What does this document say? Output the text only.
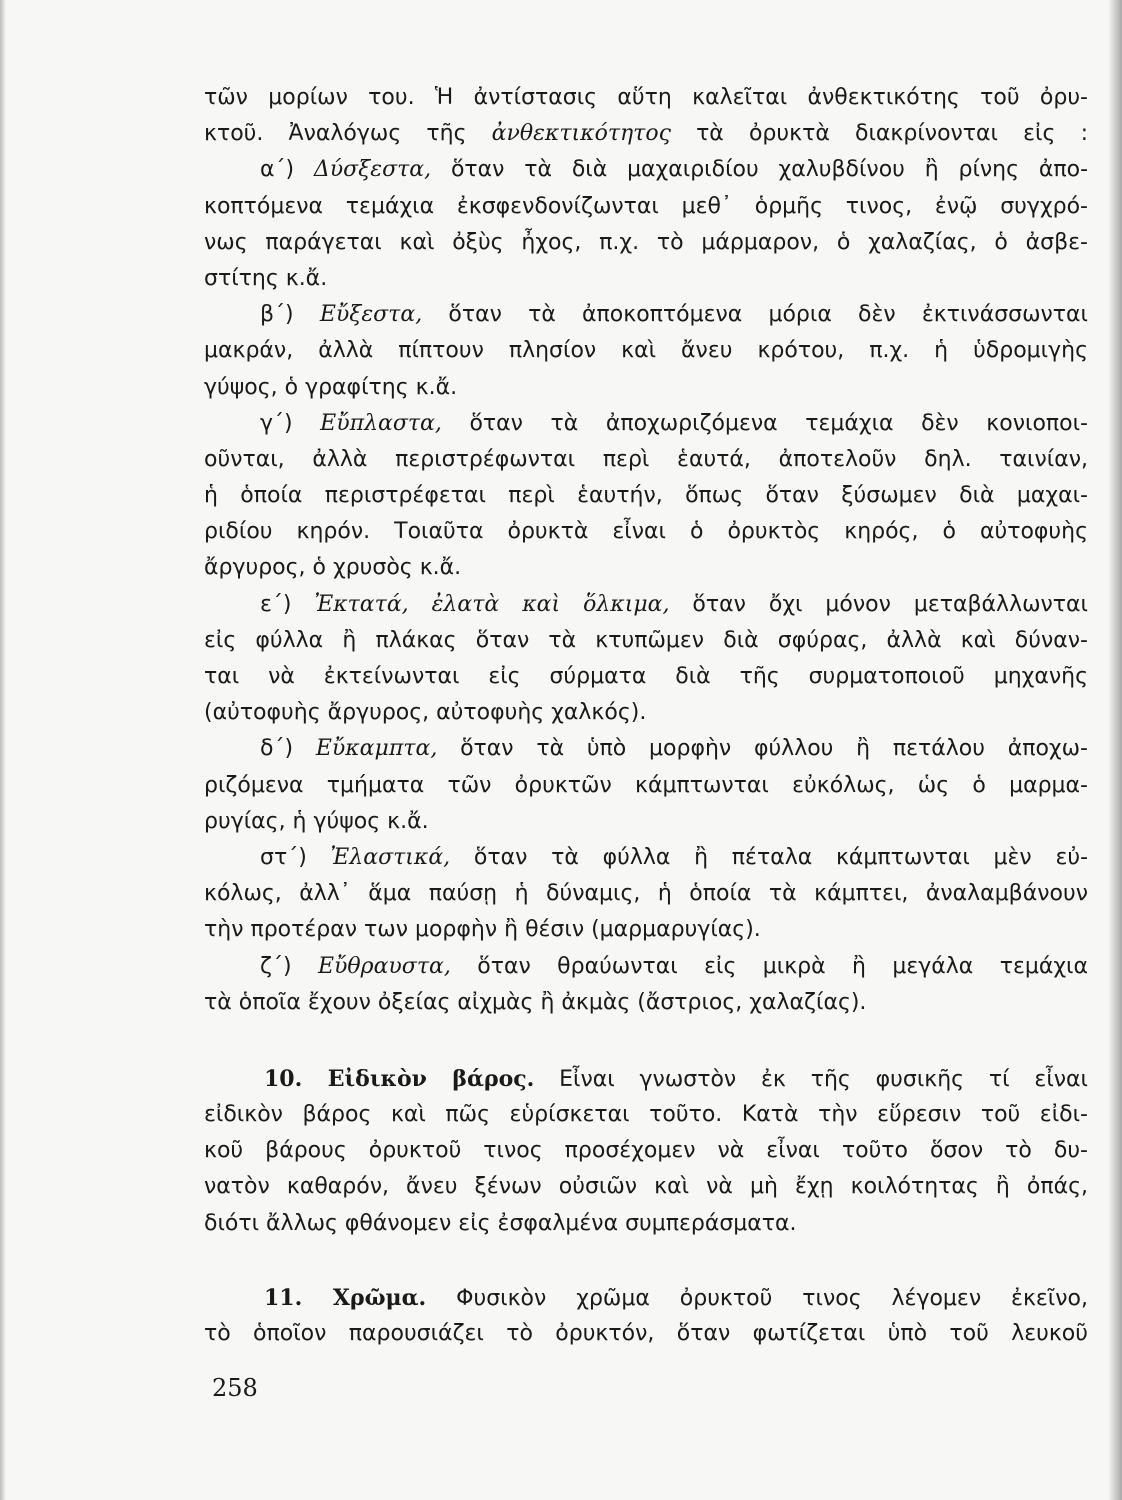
τῶν μορίων του. Ἡ ἀντίστασις αὕτη καλεῖται ἀνθεκτικότης τοῦ ὀρυ-
κτοῦ. Ἀναλόγως τῆς ἀνθεκτικότητος τὰ ὀρυκτὰ διακρίνονται εἰς :
α΄) Δύσξεστα, ὅταν τὰ διὰ μαχαιριδίου χαλυβδίνου ἢ ρίνης ἀπο-
κοπτόμενα τεμάχια ἐκσφενδονίζωνται μεθ᾽ ὁρμῆς τινος, ἐνῷ συγχρό-
νως παράγεται καὶ ὀξὺς ἦχος, π.χ. τὸ μάρμαρον, ὁ χαλαζίας, ὁ ἀσβε-
στίτης κ.ἄ.
β΄) Εὔξεστα, ὅταν τὰ ἀποκοπτόμενα μόρια δὲν ἐκτινάσσωνται
μακράν, ἀλλὰ πίπτουν πλησίον καὶ ἄνευ κρότου, π.χ. ἡ ὑδρομιγὴς
γύψος, ὁ γραφίτης κ.ἄ.
γ΄) Εὔπλαστα, ὅταν τὰ ἀποχωριζόμενα τεμάχια δὲν κονιοποι-
οῦνται, ἀλλὰ περιστρέφωνται περὶ ἑαυτά, ἀποτελοῦν δηλ. ταινίαν,
ἡ ὁποία περιστρέφεται περὶ ἑαυτήν, ὅπως ὅταν ξύσωμεν διὰ μαχαι-
ριδίου κηρόν. Τοιαῦτα ὀρυκτὰ εἶναι ὁ ὀρυκτὸς κηρός, ὁ αὐτοφυὴς
ἄργυρος, ὁ χρυσὸς κ.ἄ.
ε΄) Ἐκτατά, ἐλατὰ καὶ ὅλκιμα, ὅταν ὄχι μόνον μεταβάλλωνται
εἰς φύλλα ἢ πλάκας ὅταν τὰ κτυπῶμεν διὰ σφύρας, ἀλλὰ καὶ δύναν-
ται νὰ ἐκτείνωνται εἰς σύρματα διὰ τῆς συρματοποιοῦ μηχανῆς
(αὐτοφυὴς ἄργυρος, αὐτοφυὴς χαλκός).
δ΄) Εὔκαμπτα, ὅταν τὰ ὑπὸ μορφὴν φύλλου ἢ πετάλου ἀποχω-
ριζόμενα τμήματα τῶν ὀρυκτῶν κάμπτωνται εὐκόλως, ὡς ὁ μαρμα-
ρυγίας, ἡ γύψος κ.ἄ.
στ΄) Ἐλαστικά, ὅταν τὰ φύλλα ἢ πέταλα κάμπτωνται μὲν εὐ-
κόλως, ἀλλ᾽ ἅμα παύσῃ ἡ δύναμις, ἡ ὁποία τὰ κάμπτει, ἀναλαμβάνουν
τὴν προτέραν των μορφὴν ἢ θέσιν (μαρμαρυγίας).
ζ΄) Εὔθραυστα, ὅταν θραύωνται εἰς μικρὰ ἢ μεγάλα τεμάχια
τὰ ὁποῖα ἔχουν ὀξείας αἰχμὰς ἢ ἀκμὰς (ἄστριος, χαλαζίας).
10. Εἰδικὸν βάρος. Εἶναι γνωστὸν ἐκ τῆς φυσικῆς τί εἶναι
εἰδικὸν βάρος καὶ πῶς εὑρίσκεται τοῦτο. Κατὰ τὴν εὕρεσιν τοῦ εἰδι-
κοῦ βάρους ὀρυκτοῦ τινος προσέχομεν νὰ εἶναι τοῦτο ὅσον τὸ δυ-
νατὸν καθαρόν, ἄνευ ξένων οὐσιῶν καὶ νὰ μὴ ἔχῃ κοιλότητας ἢ ὀπάς,
διότι ἄλλως φθάνομεν εἰς ἐσφαλμένα συμπεράσματα.
11. Χρῶμα. Φυσικὸν χρῶμα ὀρυκτοῦ τινος λέγομεν ἐκεῖνο,
τὸ ὁποῖον παρουσιάζει τὸ ὀρυκτόν, ὅταν φωτίζεται ὑπὸ τοῦ λευκοῦ
258
